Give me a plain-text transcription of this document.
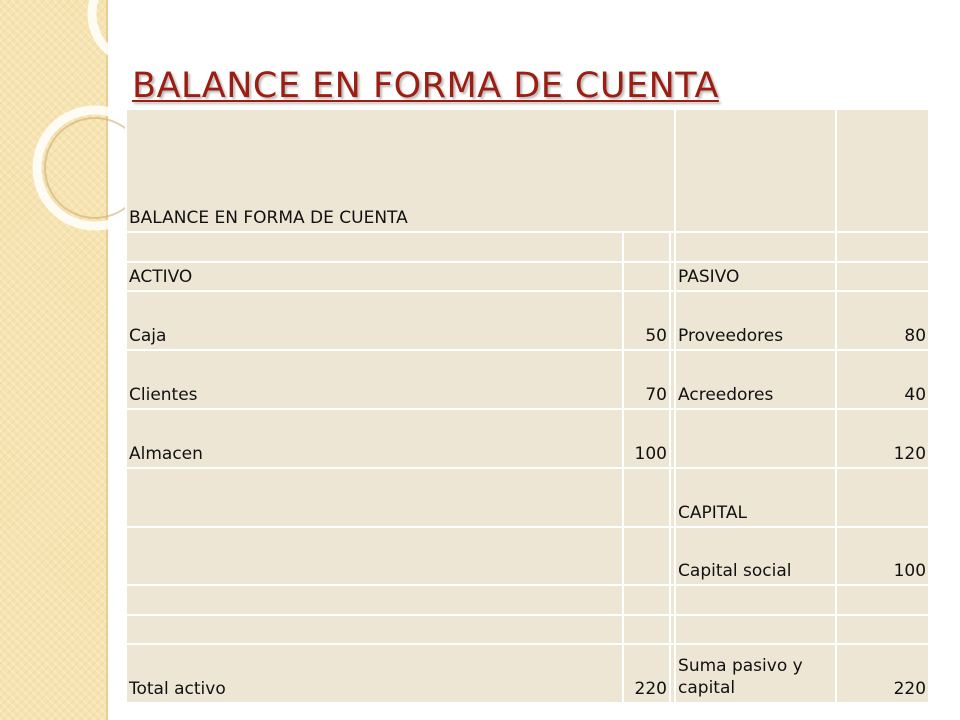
BALANCE EN FORMA DE CUENTA
BALANCE EN FORMA DE CUENTA				

ACTIVO			PASIVO	
Caja	50		Proveedores	80
Clientes	70		Acreedores	40
Almacen	100			120
			CAPITAL	
			Capital social	100

Total activo	220		Suma pasivo y capital	220
